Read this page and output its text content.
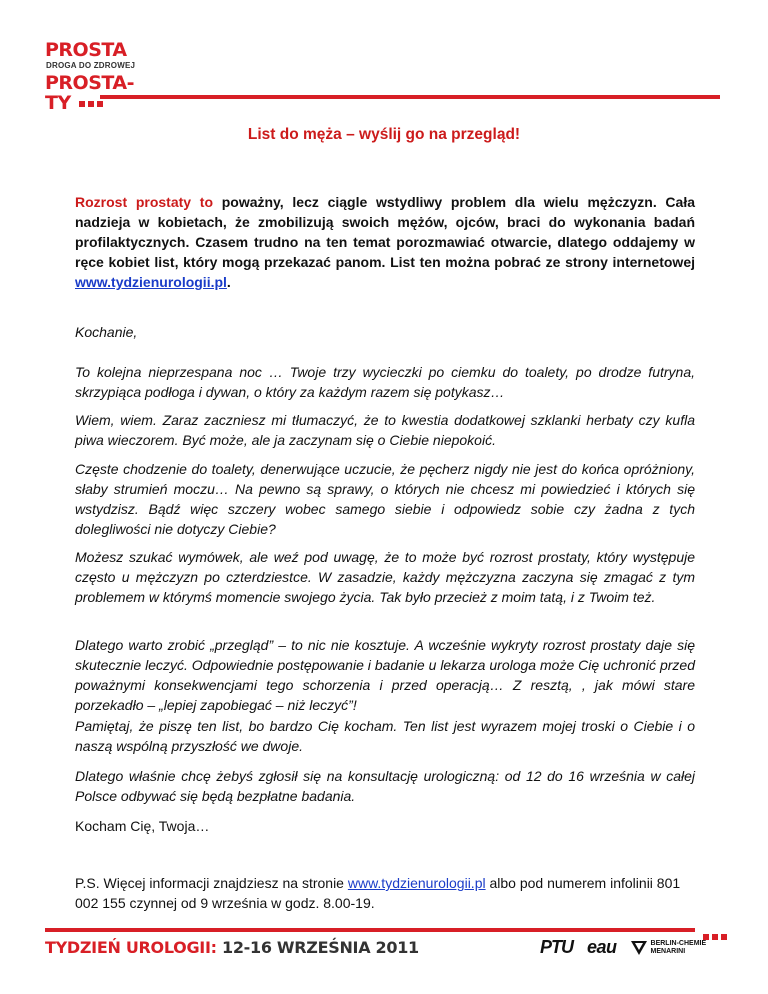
PROSTA
DROGA DO ZDROWEJ
PROSTA-
TY
List do męża – wyślij go na przegląd!
Rozrost prostaty to poważny, lecz ciągle wstydliwy problem dla wielu mężczyzn. Cała nadzieja w kobietach, że zmobilizują swoich mężów, ojców, braci do wykonania badań profilaktycznych. Czasem trudno na ten temat porozmawiać otwarcie, dlatego oddajemy w ręce kobiet list, który mogą przekazać panom. List ten można pobrać ze strony internetowej www.tydzienurologii.pl.

Kochanie,

To kolejna nieprzespana noc … Twoje trzy wycieczki po ciemku do toalety, po drodze futryna, skrzypiąca podłoga i dywan, o który za każdym razem się potykasz…

Wiem, wiem. Zaraz zaczniesz mi tłumaczyć, że to kwestia dodatkowej szklanki herbaty czy kufla piwa wieczorem. Być może, ale ja zaczynam się o Ciebie niepokoić.

Częste chodzenie do toalety, denerwujące uczucie, że pęcherz nigdy nie jest do końca opróżniony, słaby strumień moczu… Na pewno są sprawy, o których nie chcesz mi powiedzieć i których się wstydzisz. Bądź więc szczery wobec samego siebie i odpowiedz sobie czy żadna z tych dolegliwości nie dotyczy Ciebie?

Możesz szukać wymówek, ale weź pod uwagę, że to może być rozrost prostaty, który występuje często u mężczyzn po czterdziestce. W zasadzie, każdy mężczyzna zaczyna się zmagać z tym problemem w którymś momencie swojego życia. Tak było przecież z moim tatą, i z Twoim też.

Dlatego warto zrobić „przegląd” – to nic nie kosztuje. A wcześnie wykryty rozrost prostaty daje się skutecznie leczyć. Odpowiednie postępowanie i badanie u lekarza urologa może Cię uchronić przed poważnymi konsekwencjami tego schorzenia i przed operacją… Z resztą, , jak mówi stare porzekadło – „lepiej zapobiegać – niż leczyć”!

Pamiętaj, że piszę ten list, bo bardzo Cię kocham. Ten list jest wyrazem mojej troski o Ciebie i o naszą wspólną przyszłość we dwoje.

Dlatego właśnie chcę żebyś zgłosił się na konsultację urologiczną: od 12 do 16 września w całej Polsce odbywać się będą bezpłatne badania.

Kocham Cię, Twoja…
P.S. Więcej informacji znajdziesz na stronie www.tydzienurologii.pl albo pod numerem infolinii 801 002 155 czynnej od 9 września w godz. 8.00-19.
TYDZIEŃ UROLOGII: 12-16 WRZEŚNIA 2011	PTU eau	BERLIN-CHEMIE
MENARINI
